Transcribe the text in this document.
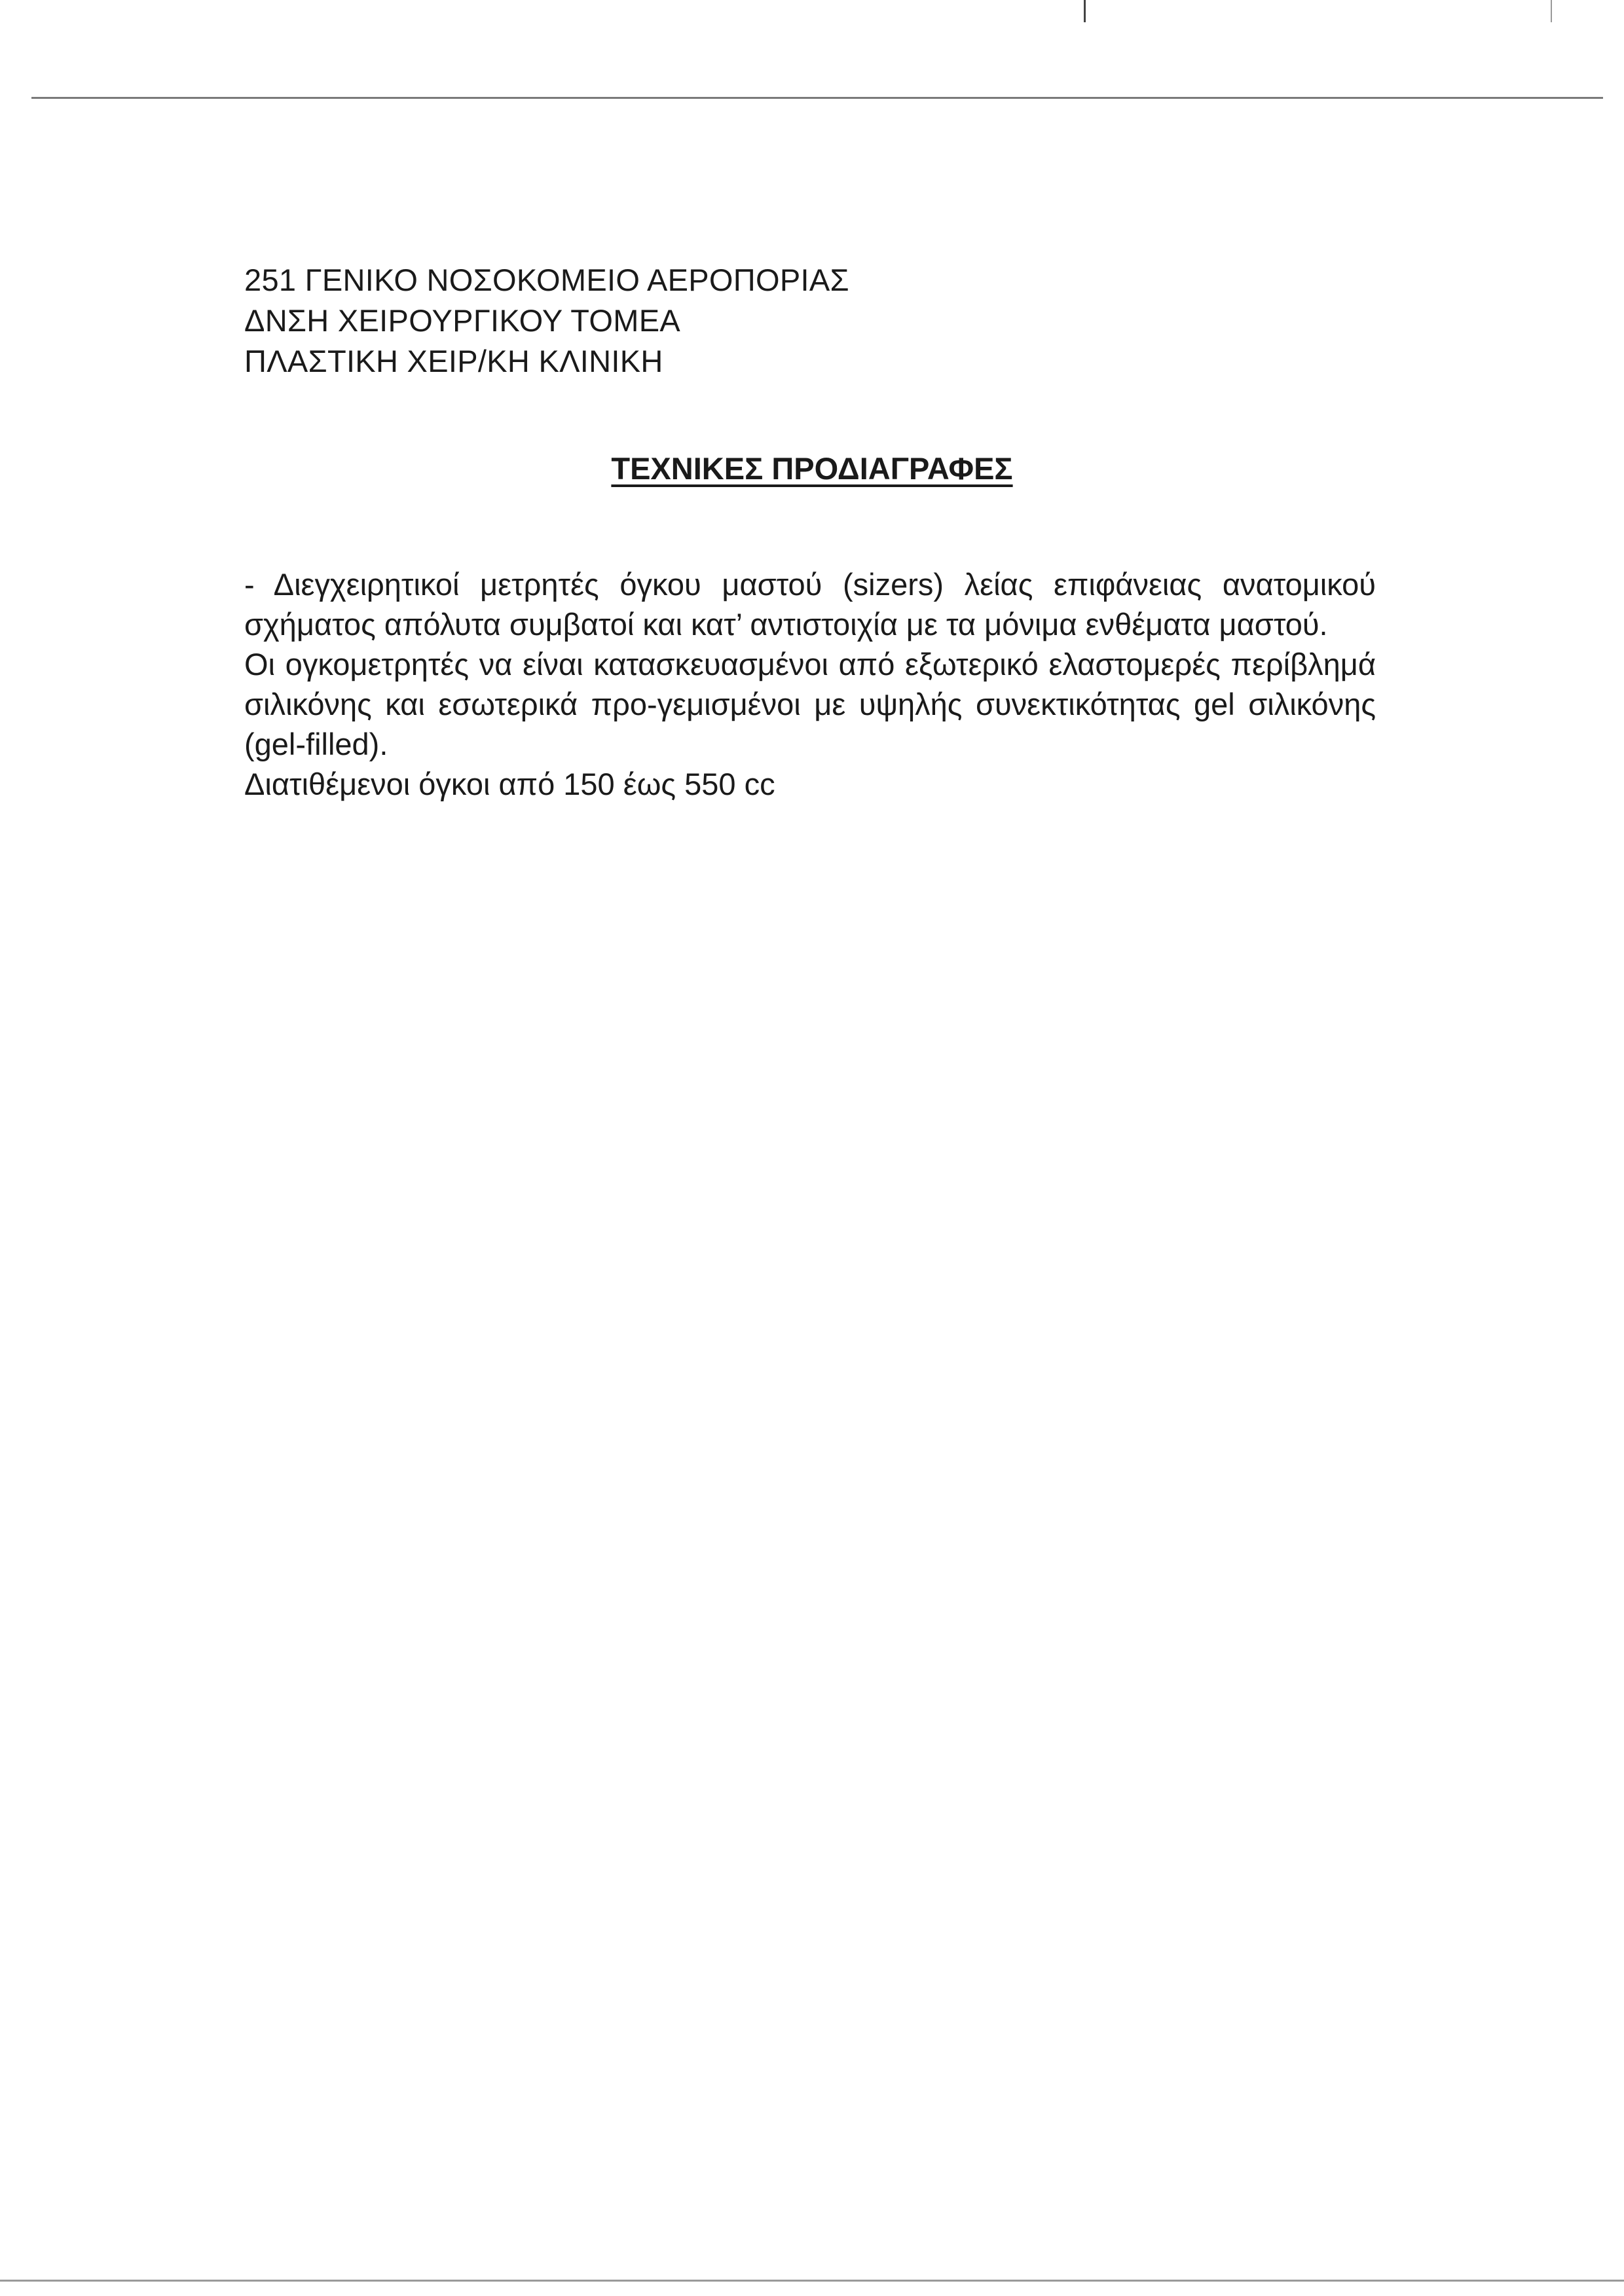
251 ΓΕΝΙΚΟ ΝΟΣΟΚΟΜΕΙΟ ΑΕΡΟΠΟΡΙΑΣ
ΔΝΣΗ ΧΕΙΡΟΥΡΓΙΚΟΥ ΤΟΜΕΑ
ΠΛΑΣΤΙΚΗ ΧΕΙΡ/ΚΗ ΚΛΙΝΙΚΗ
ΤΕΧΝΙΚΕΣ ΠΡΟΔΙΑΓΡΑΦΕΣ

- Διεγχειρητικοί μετρητές όγκου μαστού (sizers) λείας επιφάνειας ανατομικού σχήματος απόλυτα συμβατοί και κατ’ αντιστοιχία με τα μόνιμα ενθέματα μαστού.

Οι ογκομετρητές να είναι κατασκευασμένοι από εξωτερικό ελαστομερές περίβλημά σιλικόνης και εσωτερικά προ-γεμισμένοι με υψηλής συνεκτικότητας gel σιλικόνης (gel-filled).

Διατιθέμενοι όγκοι από 150 έως 550 cc
